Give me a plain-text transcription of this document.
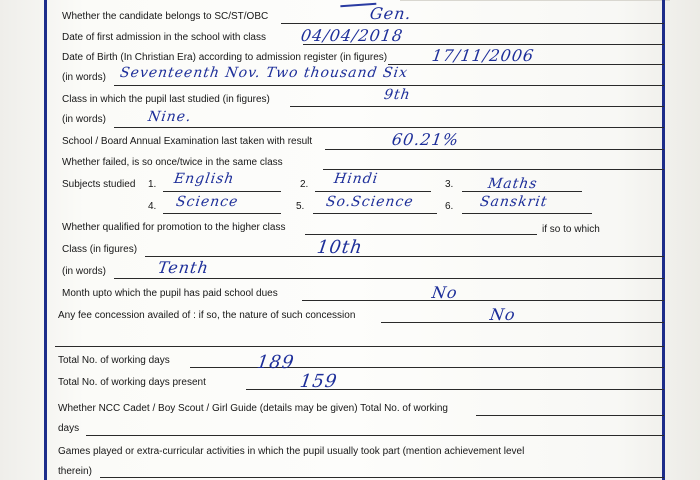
Whether the candidate belongs to SC/ST/OBC	Gen.
Date of first admission in the school with class 04/04/2018
Date of Birth (In Christian Era) according to admission register (in figures)	17/11/2006
(in words) Seventeenth Nov. Two thousand Six
Class in which the pupil last studied (in figures)	9th
(in words)	Nine.
School / Board Annual Examination last taken with result	60.21%
Whether failed, is so once/twice in the same class
Subjects studied 1. English	2. Hindi	3. Maths
4. Science	5. So.Science	6. Sanskrit
Whether qualified for promotion to the higher class	if so to which
Class (in figures)	10th
(in words)	Tenth
Month upto which the pupil has paid school dues	No
Any fee concession availed of : if so, the nature of such concession	No
Total No. of working days	189
Total No. of working days present	159
Whether NCC Cadet / Boy Scout / Girl Guide (details may be given) Total No. of working
days
Games played or extra-curricular activities in which the pupil usually took part (mention achievement level
therein)
